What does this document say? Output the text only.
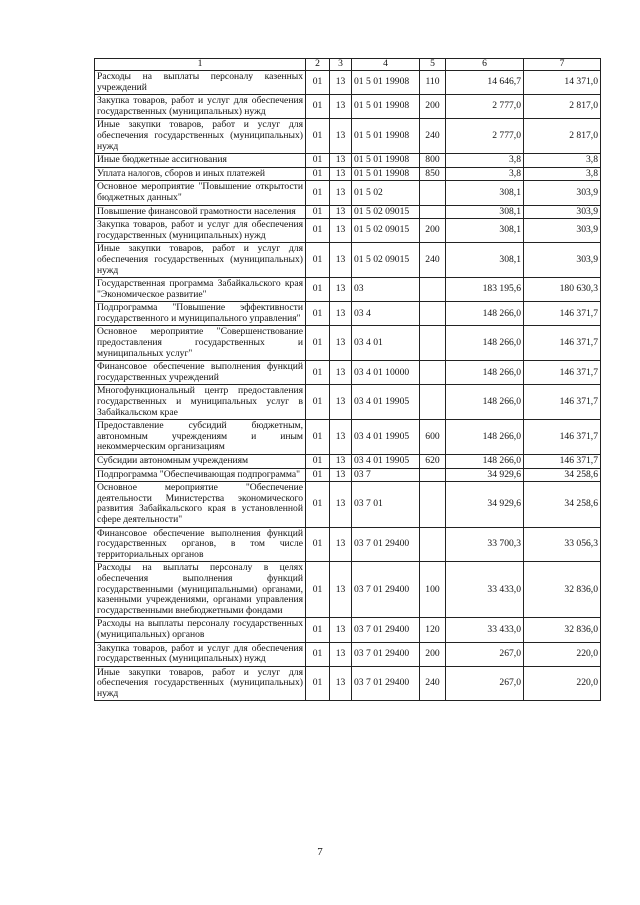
1	2	3	4	5	6	7
Расходы на выплаты персоналу казенных учреждений	01	13	01 5 01 19908	110	14 646,7	14 371,0
Закупка товаров, работ и услуг для обеспечения государственных (муниципальных) нужд	01	13	01 5 01 19908	200	2 777,0	2 817,0
Иные закупки товаров, работ и услуг для обеспечения государственных (муниципальных) нужд	01	13	01 5 01 19908	240	2 777,0	2 817,0
Иные бюджетные ассигнования	01	13	01 5 01 19908	800	3,8	3,8
Уплата налогов, сборов и иных платежей	01	13	01 5 01 19908	850	3,8	3,8
Основное мероприятие "Повышение открытости бюджетных данных"	01	13	01 5 02		308,1	303,9
Повышение финансовой грамотности населения	01	13	01 5 02 09015		308,1	303,9
Закупка товаров, работ и услуг для обеспечения государственных (муниципальных) нужд	01	13	01 5 02 09015	200	308,1	303,9
Иные закупки товаров, работ и услуг для обеспечения государственных (муниципальных) нужд	01	13	01 5 02 09015	240	308,1	303,9
Государственная программа Забайкальского края "Экономическое развитие"	01	13	03		183 195,6	180 630,3
Подпрограмма "Повышение эффективности государственного и муниципального управления"	01	13	03 4		148 266,0	146 371,7
Основное мероприятие "Совершенствование предоставления государственных и муниципальных услуг"	01	13	03 4 01		148 266,0	146 371,7
Финансовое обеспечение выполнения функций государственных учреждений	01	13	03 4 01 10000		148 266,0	146 371,7
Многофункциональный центр предоставления государственных и муниципальных услуг в Забайкальском крае	01	13	03 4 01 19905		148 266,0	146 371,7
Предоставление субсидий бюджетным, автономным учреждениям и иным некоммерческим организациям	01	13	03 4 01 19905	600	148 266,0	146 371,7
Субсидии автономным учреждениям	01	13	03 4 01 19905	620	148 266,0	146 371,7
Подпрограмма "Обеспечивающая подпрограмма"	01	13	03 7		34 929,6	34 258,6
Основное мероприятие "Обеспечение деятельности Министерства экономического развития Забайкальского края в установленной сфере деятельности"	01	13	03 7 01		34 929,6	34 258,6
Финансовое обеспечение выполнения функций государственных органов, в том числе территориальных органов	01	13	03 7 01 29400		33 700,3	33 056,3
Расходы на выплаты персоналу в целях обеспечения выполнения функций государственными (муниципальными) органами, казенными учреждениями, органами управления государственными внебюджетными фондами	01	13	03 7 01 29400	100	33 433,0	32 836,0
Расходы на выплаты персоналу государственных (муниципальных) органов	01	13	03 7 01 29400	120	33 433,0	32 836,0
Закупка товаров, работ и услуг для обеспечения государственных (муниципальных) нужд	01	13	03 7 01 29400	200	267,0	220,0
Иные закупки товаров, работ и услуг для обеспечения государственных (муниципальных) нужд	01	13	03 7 01 29400	240	267,0	220,0
7
